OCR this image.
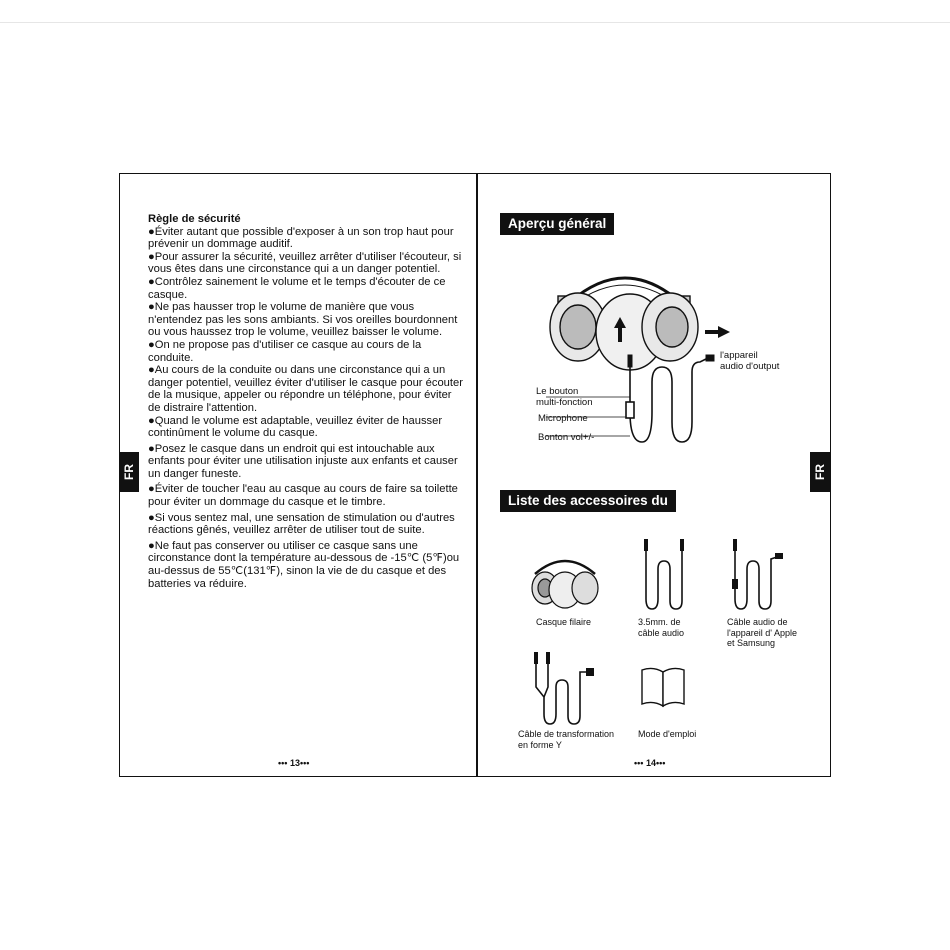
FR	FR
Règle de sécurité

●Éviter autant que possible d'exposer à un son trop haut pour prévenir un dommage auditif.

●Pour assurer la sécurité, veuillez arrêter d'utiliser l'écouteur, si vous êtes dans une circonstance qui a un danger potentiel.

●Contrôlez sainement le volume et le temps d'écouter de ce casque.

●Ne pas hausser trop le volume de manière que vous n'entendez pas les sons ambiants. Si vos oreilles bourdonnent ou vous haussez trop le volume, veuillez baisser le volume.

●On ne propose pas d'utiliser ce casque au cours de la conduite.

●Au cours de la conduite ou dans une circonstance qui a un danger potentiel, veuillez éviter d'utiliser le casque pour écouter de la musique, appeler ou répondre un téléphone, pour éviter de distraire l'attention.

●Quand le volume est adaptable, veuillez éviter de hausser continûment le volume du casque.

●Posez le casque dans un endroit qui est intouchable aux enfants pour éviter une utilisation injuste aux enfants et causer un danger funeste.

●Éviter de toucher l'eau au casque au cours de faire sa toilette pour éviter un dommage du casque et le timbre.

●Si vous sentez mal, une sensation de stimulation ou d'autres réactions gênés, veuillez arrêter de utiliser tout de suite.

●Ne faut pas conserver ou utiliser ce casque sans une circonstance dont la température au-dessous de -15℃ (5℉)ou au-dessus de 55℃(131℉), sinon la vie de du casque et des batteries va réduire.

••• 13•••
Aperçu général
l'appareil
audio d'output
Le bouton
multi-fonction
Microphone
Bonton vol+/-
Liste des accessoires du
Casque filaire	3.5mm. de
câble audio
Câble audio de
l'appareil d' Apple
et Samsung
Câble de transformation
en forme Y
Mode d'emploi
••• 14•••
